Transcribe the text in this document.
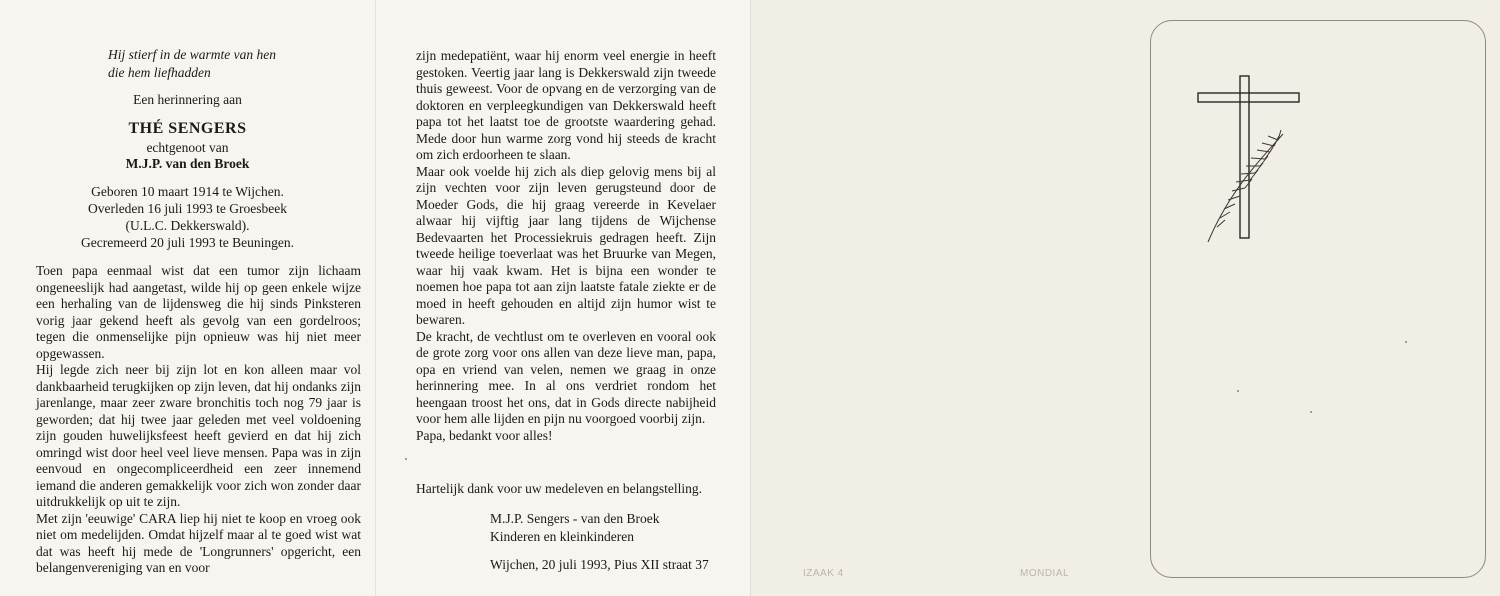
Hij stierf in de warmte van hen
die hem liefhadden
Een herinnering aan
THÉ SENGERS
echtgenoot van
M.J.P. van den Broek
Geboren 10 maart 1914 te Wijchen.
Overleden 16 juli 1993 te Groesbeek
(U.L.C. Dekkerswald).
Gecremeerd 20 juli 1993 te Beuningen.

Toen papa eenmaal wist dat een tumor zijn lichaam ongeneeslijk had aangetast, wilde hij op geen enkele wijze een herhaling van de lijdensweg die hij sinds Pinksteren vorig jaar gekend heeft als gevolg van een gordelroos; tegen die onmenselijke pijn opnieuw was hij niet meer opgewassen.

Hij legde zich neer bij zijn lot en kon alleen maar vol dankbaarheid terugkijken op zijn leven, dat hij ondanks zijn jarenlange, maar zeer zware bronchitis toch nog 79 jaar is geworden; dat hij twee jaar geleden met veel voldoening zijn gouden huwelijksfeest heeft gevierd en dat hij zich omringd wist door heel veel lieve mensen. Papa was in zijn eenvoud en ongecompliceerdheid een zeer innemend iemand die anderen gemakkelijk voor zich won zonder daar uitdrukkelijk op uit te zijn.

Met zijn 'eeuwige' CARA liep hij niet te koop en vroeg ook niet om medelijden. Omdat hijzelf maar al te goed wist wat dat was heeft hij mede de 'Longrunners' opgericht, een belangenvereniging van en voor

zijn medepatiënt, waar hij enorm veel energie in heeft gestoken. Veertig jaar lang is Dekkerswald zijn tweede thuis geweest. Voor de opvang en de verzorging van de doktoren en verpleegkundigen van Dekkerswald heeft papa tot het laatst toe de grootste waardering gehad. Mede door hun warme zorg vond hij steeds de kracht om zich erdoorheen te slaan.

Maar ook voelde hij zich als diep gelovig mens bij al zijn vechten voor zijn leven gerugsteund door de Moeder Gods, die hij graag vereerde in Kevelaer alwaar hij vijftig jaar lang tijdens de Wijchense Bedevaarten het Processiekruis gedragen heeft. Zijn tweede heilige toeverlaat was het Bruurke van Megen, waar hij vaak kwam. Het is bijna een wonder te noemen hoe papa tot aan zijn laatste fatale ziekte er de moed in heeft gehouden en altijd zijn humor wist te bewaren.

De kracht, de vechtlust om te overleven en vooral ook de grote zorg voor ons allen van deze lieve man, papa, opa en vriend van velen, nemen we graag in onze herinnering mee. In al ons verdriet rondom het heengaan troost het ons, dat in Gods directe nabijheid voor hem alle lijden en pijn nu voorgoed voorbij zijn.

Papa, bedankt voor alles!

Hartelijk dank voor uw medeleven en belangstelling.
M.J.P. Sengers - van den Broek
Kinderen en kleinkinderen
Wijchen, 20 juli 1993, Pius XII straat 37
IZAAK 4	MONDIAL
